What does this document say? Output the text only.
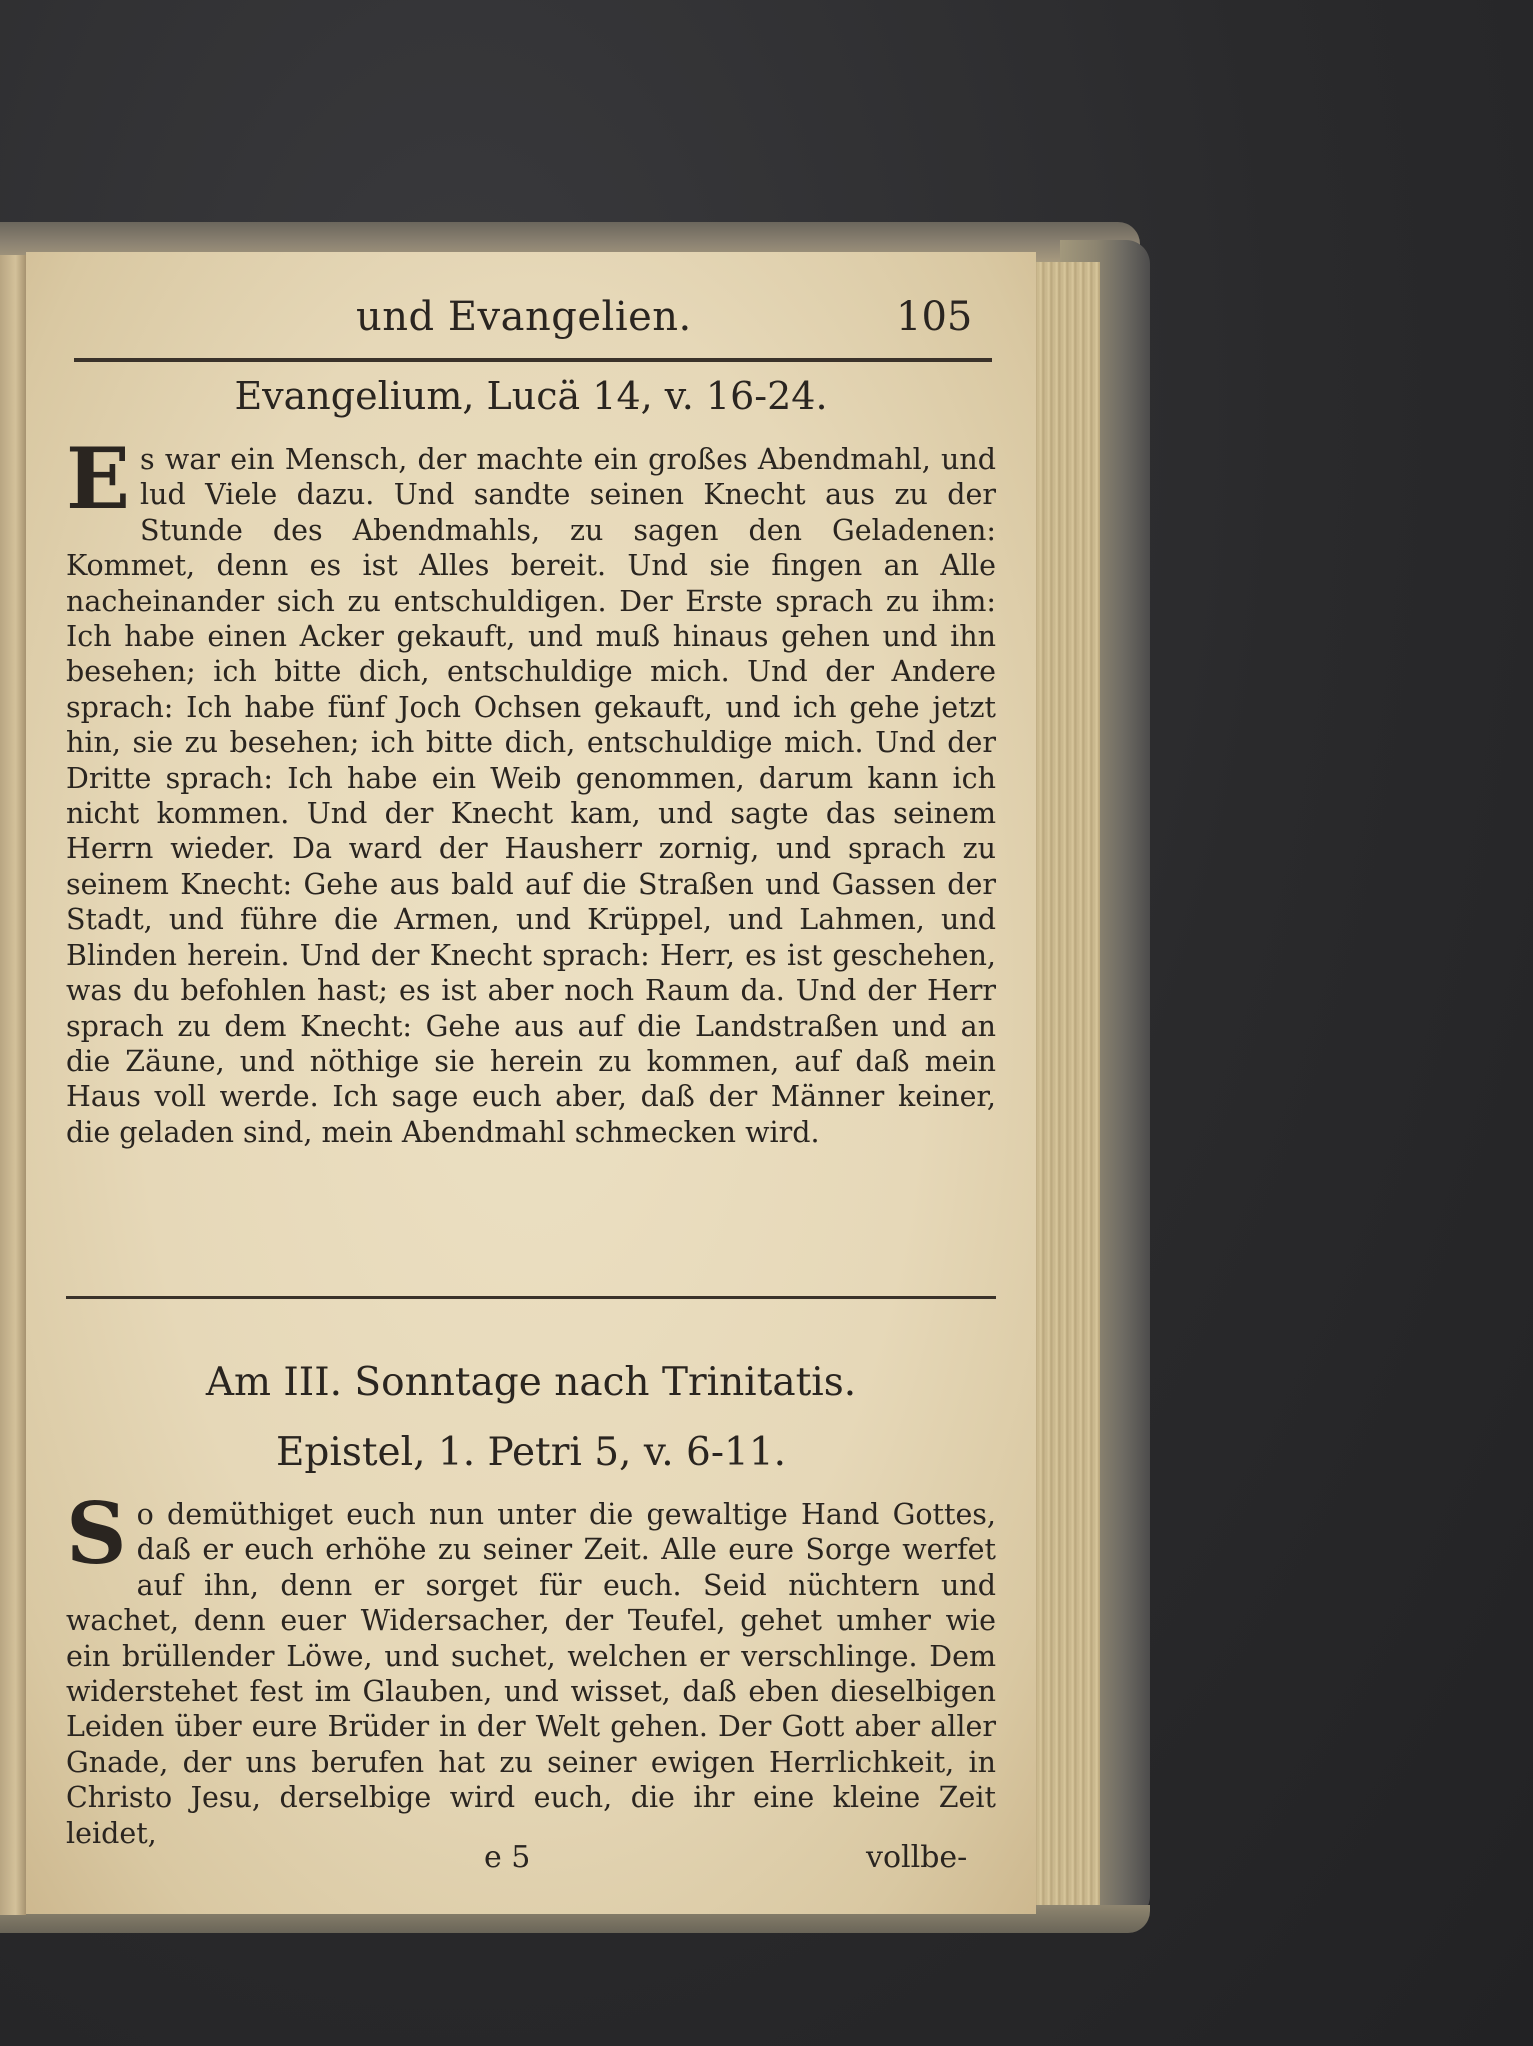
und Evangelien.	105
Evangelium, Lucä 14, v. 16-24.
E s war ein Mensch, der machte ein großes Abendmahl, und lud Viele dazu. Und sandte seinen Knecht aus zu der Stunde des Abendmahls, zu sagen den Geladenen: Kommet, denn es ist Alles bereit. Und sie fingen an Alle nacheinander sich zu entschuldigen. Der Erste sprach zu ihm: Ich habe einen Acker gekauft, und muß hinaus gehen und ihn besehen; ich bitte dich, entschuldige mich. Und der Andere sprach: Ich habe fünf Joch Ochsen gekauft, und ich gehe jetzt hin, sie zu besehen; ich bitte dich, entschuldige mich. Und der Dritte sprach: Ich habe ein Weib genommen, darum kann ich nicht kommen. Und der Knecht kam, und sagte das seinem Herrn wieder. Da ward der Hausherr zornig, und sprach zu seinem Knecht: Gehe aus bald auf die Straßen und Gassen der Stadt, und führe die Armen, und Krüppel, und Lahmen, und Blinden herein. Und der Knecht sprach: Herr, es ist geschehen, was du befohlen hast; es ist aber noch Raum da. Und der Herr sprach zu dem Knecht: Gehe aus auf die Landstraßen und an die Zäune, und nöthige sie herein zu kommen, auf daß mein Haus voll werde. Ich sage euch aber, daß der Männer keiner, die geladen sind, mein Abendmahl schmecken wird.
Am III. Sonntage nach Trinitatis.
Epistel, 1. Petri 5, v. 6-11.
S o demüthiget euch nun unter die gewaltige Hand Gottes, daß er euch erhöhe zu seiner Zeit. Alle eure Sorge werfet auf ihn, denn er sorget für euch. Seid nüchtern und wachet, denn euer Widersacher, der Teufel, gehet umher wie ein brüllender Löwe, und suchet, welchen er verschlinge. Dem widerstehet fest im Glauben, und wisset, daß eben dieselbigen Leiden über eure Brüder in der Welt gehen. Der Gott aber aller Gnade, der uns berufen hat zu seiner ewigen Herrlichkeit, in Christo Jesu, derselbige wird euch, die ihr eine kleine Zeit leidet,
e 5	vollbe-
